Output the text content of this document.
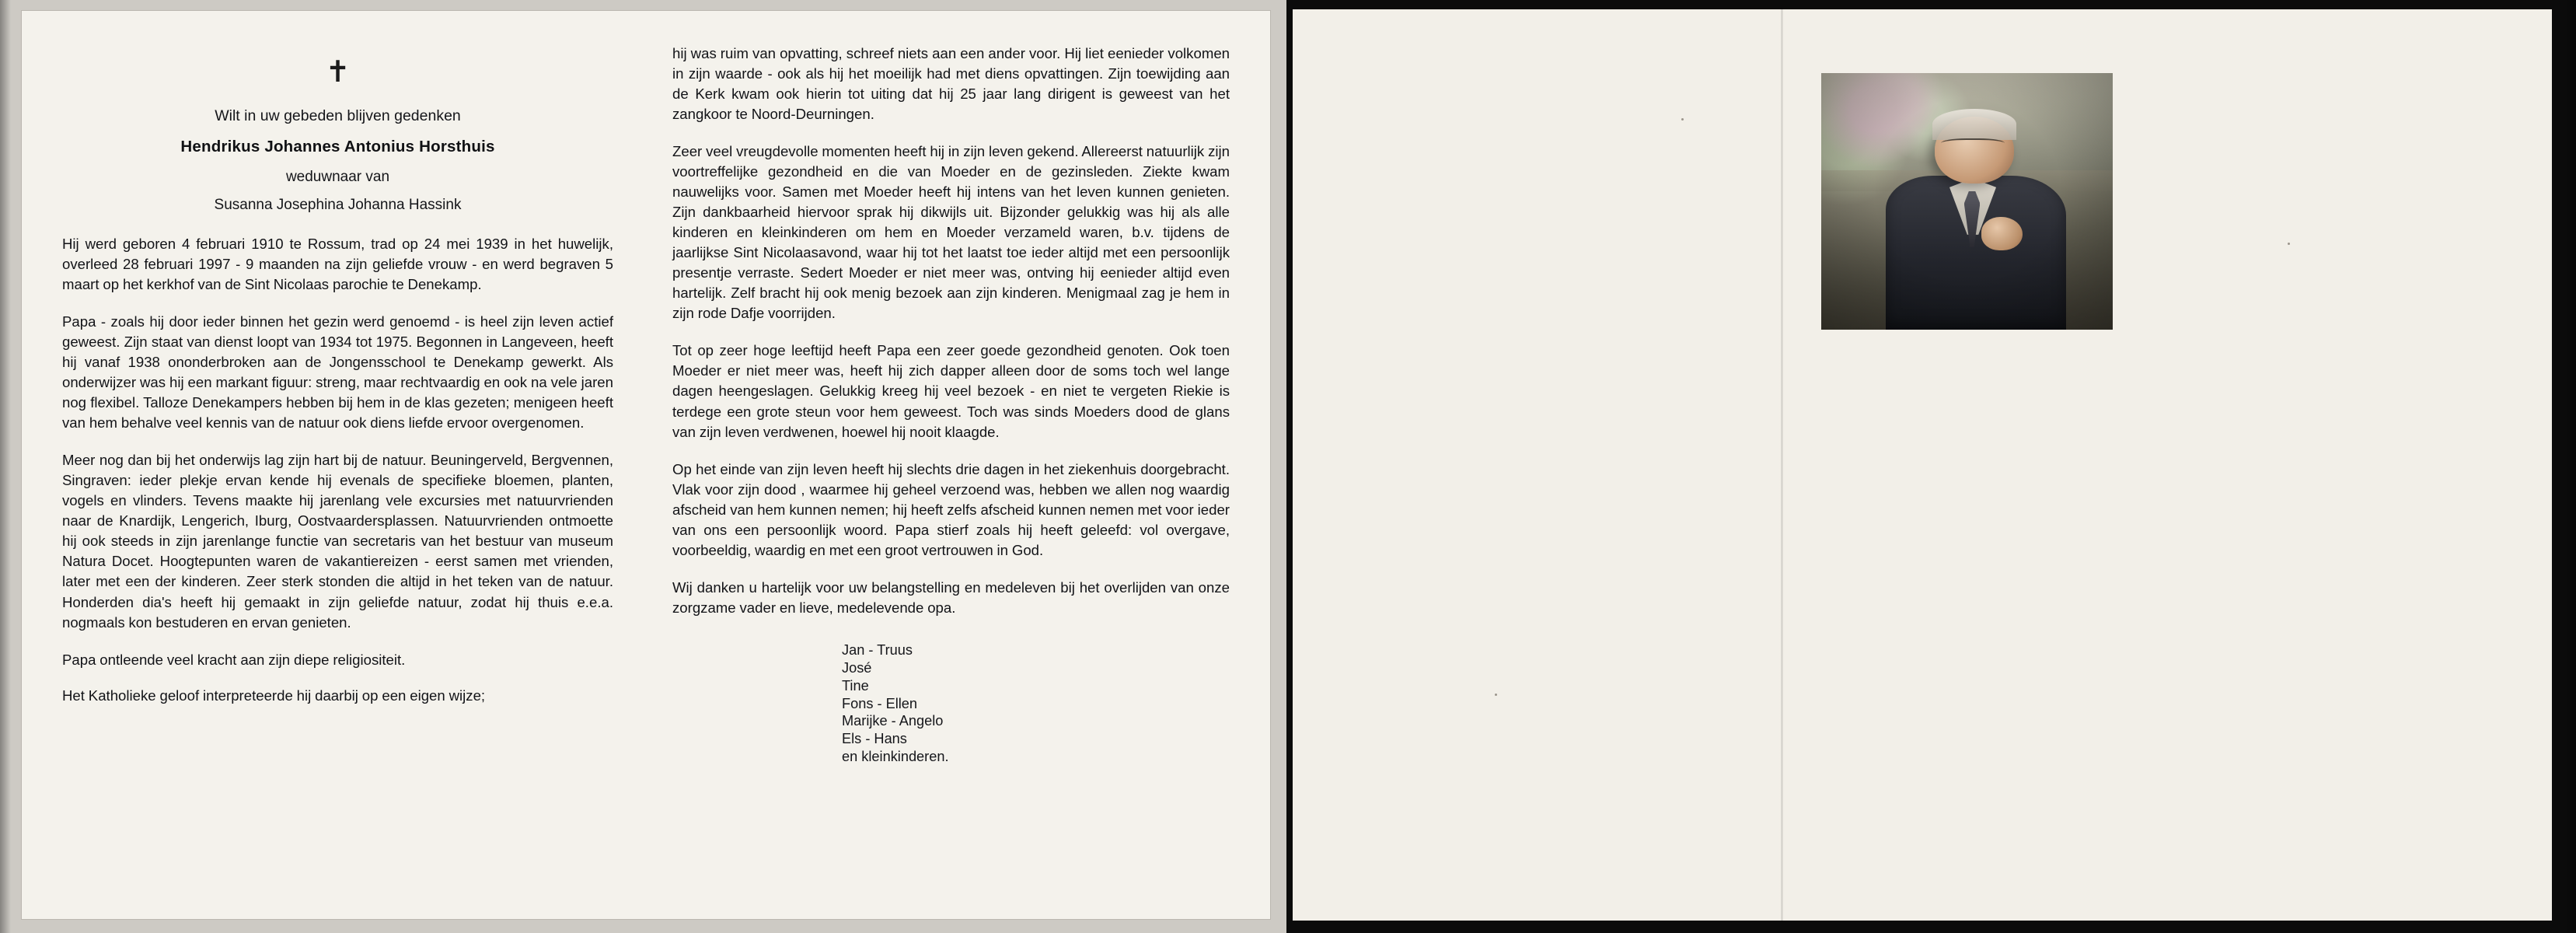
✝
Wilt in uw gebeden blijven gedenken
Hendrikus Johannes Antonius Horsthuis
weduwnaar van
Susanna Josephina Johanna Hassink

Hij werd geboren 4 februari 1910 te Rossum, trad op 24 mei 1939 in het huwelijk, overleed 28 februari 1997 - 9 maanden na zijn geliefde vrouw - en werd begraven 5 maart op het kerkhof van de Sint Nicolaas parochie te Denekamp.

Papa - zoals hij door ieder binnen het gezin werd genoemd - is heel zijn leven actief geweest. Zijn staat van dienst loopt van 1934 tot 1975. Begonnen in Langeveen, heeft hij vanaf 1938 ononderbroken aan de Jongensschool te Denekamp gewerkt. Als onderwijzer was hij een markant figuur: streng, maar rechtvaardig en ook na vele jaren nog flexibel. Talloze Denekampers hebben bij hem in de klas gezeten; menigeen heeft van hem behalve veel kennis van de natuur ook diens liefde ervoor overgenomen.

Meer nog dan bij het onderwijs lag zijn hart bij de natuur. Beuningerveld, Bergvennen, Singraven: ieder plekje ervan kende hij evenals de specifieke bloemen, planten, vogels en vlinders. Tevens maakte hij jarenlang vele excursies met natuurvrienden naar de Knardijk, Lengerich, Iburg, Oostvaardersplassen. Natuurvrienden ontmoette hij ook steeds in zijn jarenlange functie van secretaris van het bestuur van museum Natura Docet. Hoogtepunten waren de vakantiereizen - eerst samen met vrienden, later met een der kinderen. Zeer sterk stonden die altijd in het teken van de natuur. Honderden dia's heeft hij gemaakt in zijn geliefde natuur, zodat hij thuis e.e.a. nogmaals kon bestuderen en ervan genieten.

Papa ontleende veel kracht aan zijn diepe religiositeit.

Het Katholieke geloof interpreteerde hij daarbij op een eigen wijze;

hij was ruim van opvatting, schreef niets aan een ander voor. Hij liet eenieder volkomen in zijn waarde - ook als hij het moeilijk had met diens opvattingen. Zijn toewijding aan de Kerk kwam ook hierin tot uiting dat hij 25 jaar lang dirigent is geweest van het zangkoor te Noord-Deurningen.

Zeer veel vreugdevolle momenten heeft hij in zijn leven gekend. Allereerst natuurlijk zijn voortreffelijke gezondheid en die van Moeder en de gezinsleden. Ziekte kwam nauwelijks voor. Samen met Moeder heeft hij intens van het leven kunnen genieten. Zijn dankbaarheid hiervoor sprak hij dikwijls uit. Bijzonder gelukkig was hij als alle kinderen en kleinkinderen om hem en Moeder verzameld waren, b.v. tijdens de jaarlijkse Sint Nicolaasavond, waar hij tot het laatst toe ieder altijd met een persoonlijk presentje verraste. Sedert Moeder er niet meer was, ontving hij eenieder altijd even hartelijk. Zelf bracht hij ook menig bezoek aan zijn kinderen. Menigmaal zag je hem in zijn rode Dafje voorrijden.

Tot op zeer hoge leeftijd heeft Papa een zeer goede gezondheid genoten. Ook toen Moeder er niet meer was, heeft hij zich dapper alleen door de soms toch wel lange dagen heengeslagen. Gelukkig kreeg hij veel bezoek - en niet te vergeten Riekie is terdege een grote steun voor hem geweest. Toch was sinds Moeders dood de glans van zijn leven verdwenen, hoewel hij nooit klaagde.

Op het einde van zijn leven heeft hij slechts drie dagen in het ziekenhuis doorgebracht. Vlak voor zijn dood , waarmee hij geheel verzoend was, hebben we allen nog waardig afscheid van hem kunnen nemen; hij heeft zelfs afscheid kunnen nemen met voor ieder van ons een persoonlijk woord. Papa stierf zoals hij heeft geleefd: vol overgave, voorbeeldig, waardig en met een groot vertrouwen in God.

Wij danken u hartelijk voor uw belangstelling en medeleven bij het overlijden van onze zorgzame vader en lieve, medelevende opa.

Jan - Truus
José
Tine
Fons - Ellen
Marijke - Angelo
Els - Hans
en kleinkinderen.
